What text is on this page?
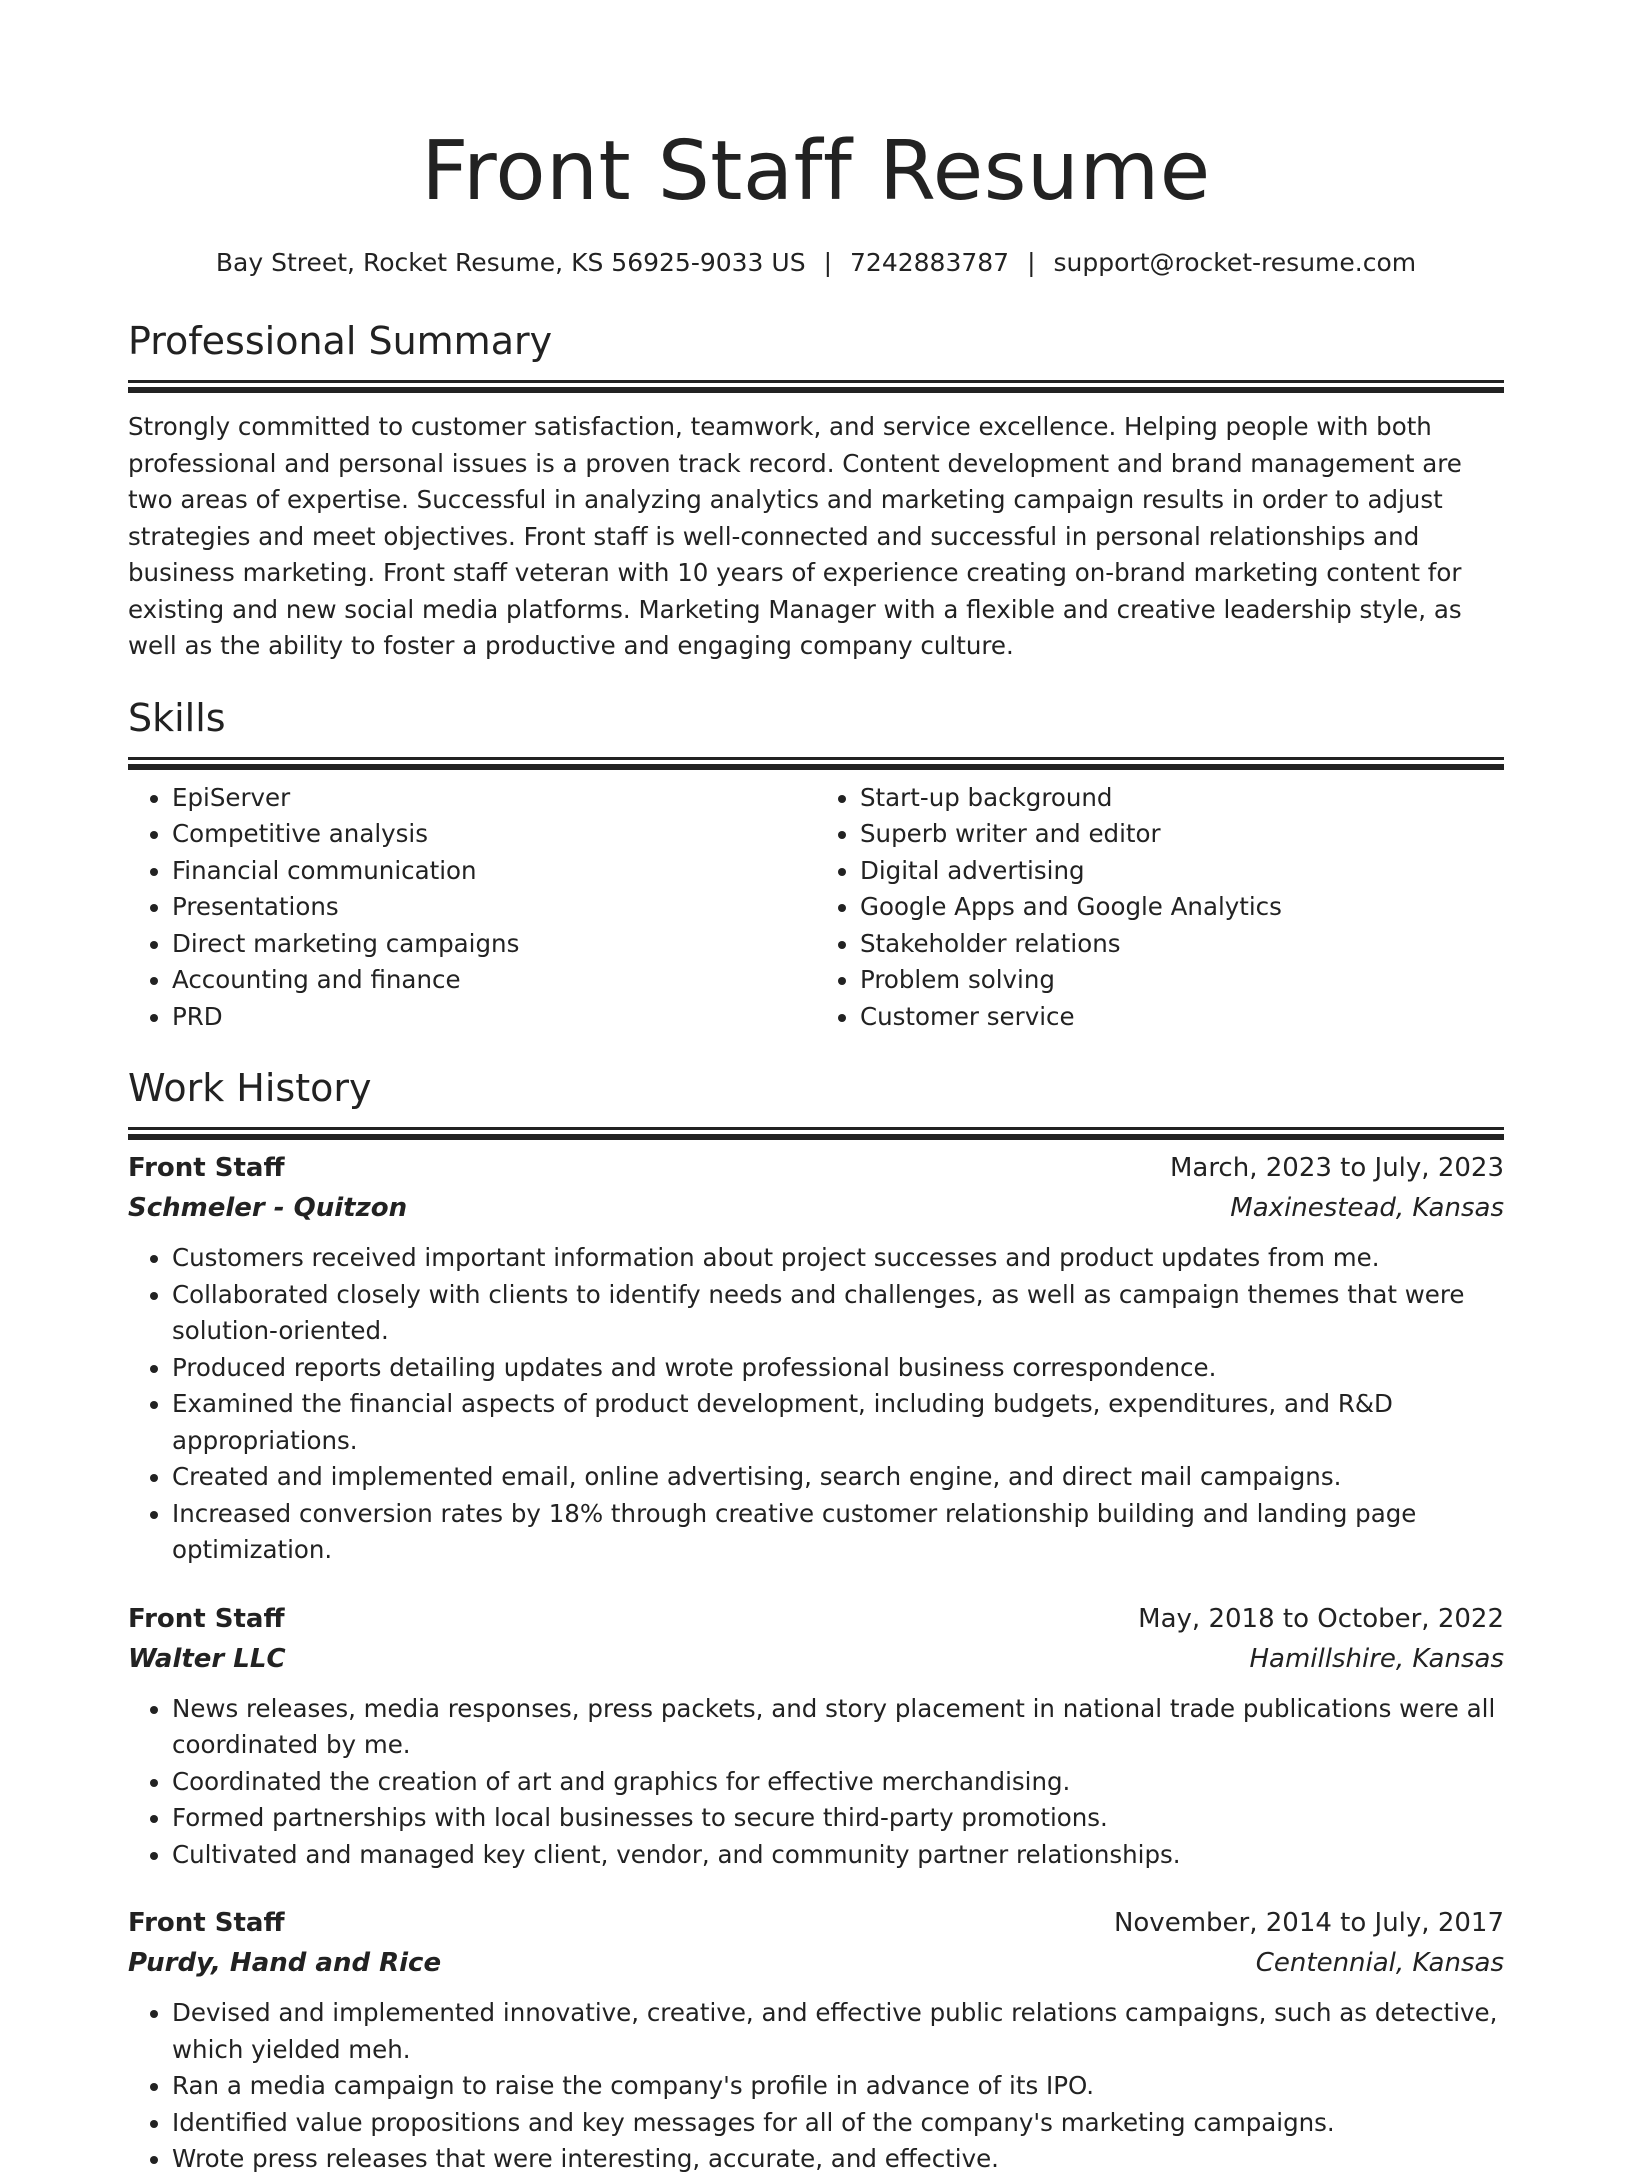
Front Staff Resume
Bay Street, Rocket Resume, KS 56925-9033 US | 7242883787 | support@rocket-resume.com
Professional Summary

Strongly committed to customer satisfaction, teamwork, and service excellence. Helping people with both professional and personal issues is a proven track record. Content development and brand management are two areas of expertise. Successful in analyzing analytics and marketing campaign results in order to adjust strategies and meet objectives. Front staff is well-connected and successful in personal relationships and business marketing. Front staff veteran with 10 years of experience creating on-brand marketing content for existing and new social media platforms. Marketing Manager with a flexible and creative leadership style, as well as the ability to foster a productive and engaging company culture.

Skills
• EpiServer
• Competitive analysis
• Financial communication
• Presentations
• Direct marketing campaigns
• Accounting and finance
• PRD
• Start-up background
• Superb writer and editor
• Digital advertising
• Google Apps and Google Analytics
• Stakeholder relations
• Problem solving
• Customer service
Work History
Front Staff	March, 2023 to July, 2023
Schmeler - Quitzon	Maxinestead, Kansas
• Customers received important information about project successes and product updates from me.
• Collaborated closely with clients to identify needs and challenges, as well as campaign themes that were solution-oriented.
• Produced reports detailing updates and wrote professional business correspondence.
• Examined the financial aspects of product development, including budgets, expenditures, and R&D appropriations.
• Created and implemented email, online advertising, search engine, and direct mail campaigns.
• Increased conversion rates by 18% through creative customer relationship building and landing page optimization.
Front Staff	May, 2018 to October, 2022
Walter LLC	Hamillshire, Kansas
• News releases, media responses, press packets, and story placement in national trade publications were all coordinated by me.
• Coordinated the creation of art and graphics for effective merchandising.
• Formed partnerships with local businesses to secure third-party promotions.
• Cultivated and managed key client, vendor, and community partner relationships.
Front Staff	November, 2014 to July, 2017
Purdy, Hand and Rice	Centennial, Kansas
• Devised and implemented innovative, creative, and effective public relations campaigns, such as detective, which yielded meh.
• Ran a media campaign to raise the company's profile in advance of its IPO.
• Identified value propositions and key messages for all of the company's marketing campaigns.
• Wrote press releases that were interesting, accurate, and effective.
